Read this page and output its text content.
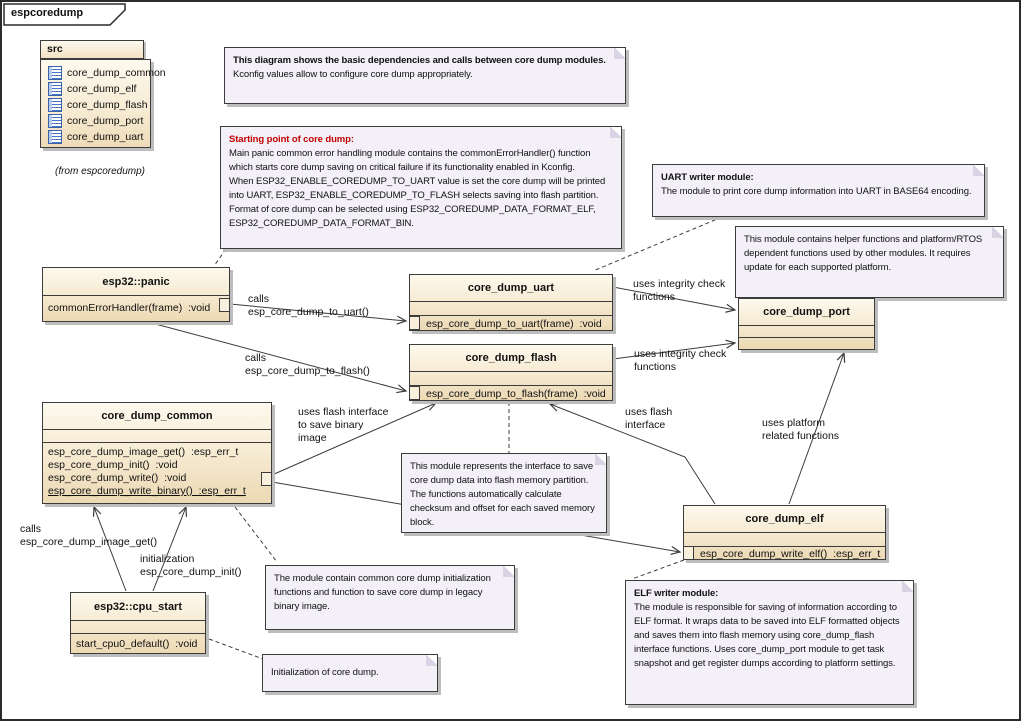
espcoredump
src
core_dump_common
core_dump_elf
core_dump_flash
core_dump_port
core_dump_uart
(from espcoredump)
This diagram shows the basic dependencies and calls between core dump modules.
Kconfig values allow to configure core dump appropriately.
Starting point of core dump:
Main panic common error handling module contains the commonErrorHandler() function which starts core dump saving on critical failure if its functionality enabled in Kconfig.
When ESP32_ENABLE_COREDUMP_TO_UART value is set the core dump will be printed into UART, ESP32_ENABLE_COREDUMP_TO_FLASH selects saving into flash partition.
Format of core dump can be selected using ESP32_COREDUMP_DATA_FORMAT_ELF, ESP32_COREDUMP_DATA_FORMAT_BIN.
UART writer module:
The module to print core dump information into UART in BASE64 encoding.
This module contains helper functions and platform/RTOS dependent functions used by other modules. It requires update for each supported platform.
This module represents the interface to save core dump data into flash memory partition. The functions automatically calculate checksum and offset for each saved memory block.
The module contain common core dump initialization functions and function to save core dump in legacy binary image.
Initialization of core dump.
ELF writer module:
The module is responsible for saving of information according to ELF format. It wraps data to be saved into ELF formatted objects and saves them into flash memory using core_dump_flash interface functions. Uses core_dump_port module to get task snapshot and get register dumps according to platform settings.
esp32::panic
commonErrorHandler(frame)  :void
core_dump_uart
esp_core_dump_to_uart(frame)  :void
core_dump_flash
esp_core_dump_to_flash(frame)  :void
core_dump_port
core_dump_common
esp_core_dump_image_get()  :esp_err_t
esp_core_dump_init()  :void
esp_core_dump_write()  :void
esp_core_dump_write_binary()  :esp_err_t
core_dump_elf
esp_core_dump_write_elf()  :esp_err_t
esp32::cpu_start
start_cpu0_default()  :void
calls
esp_core_dump_to_uart()
calls
esp_core_dump_to_flash()
uses integrity check
functions
uses integrity check
functions
uses flash interface
to save binary
image
uses flash
interface	uses platform
related functions
calls
esp_core_dump_image_get()
initialization
esp_core_dump_init()
